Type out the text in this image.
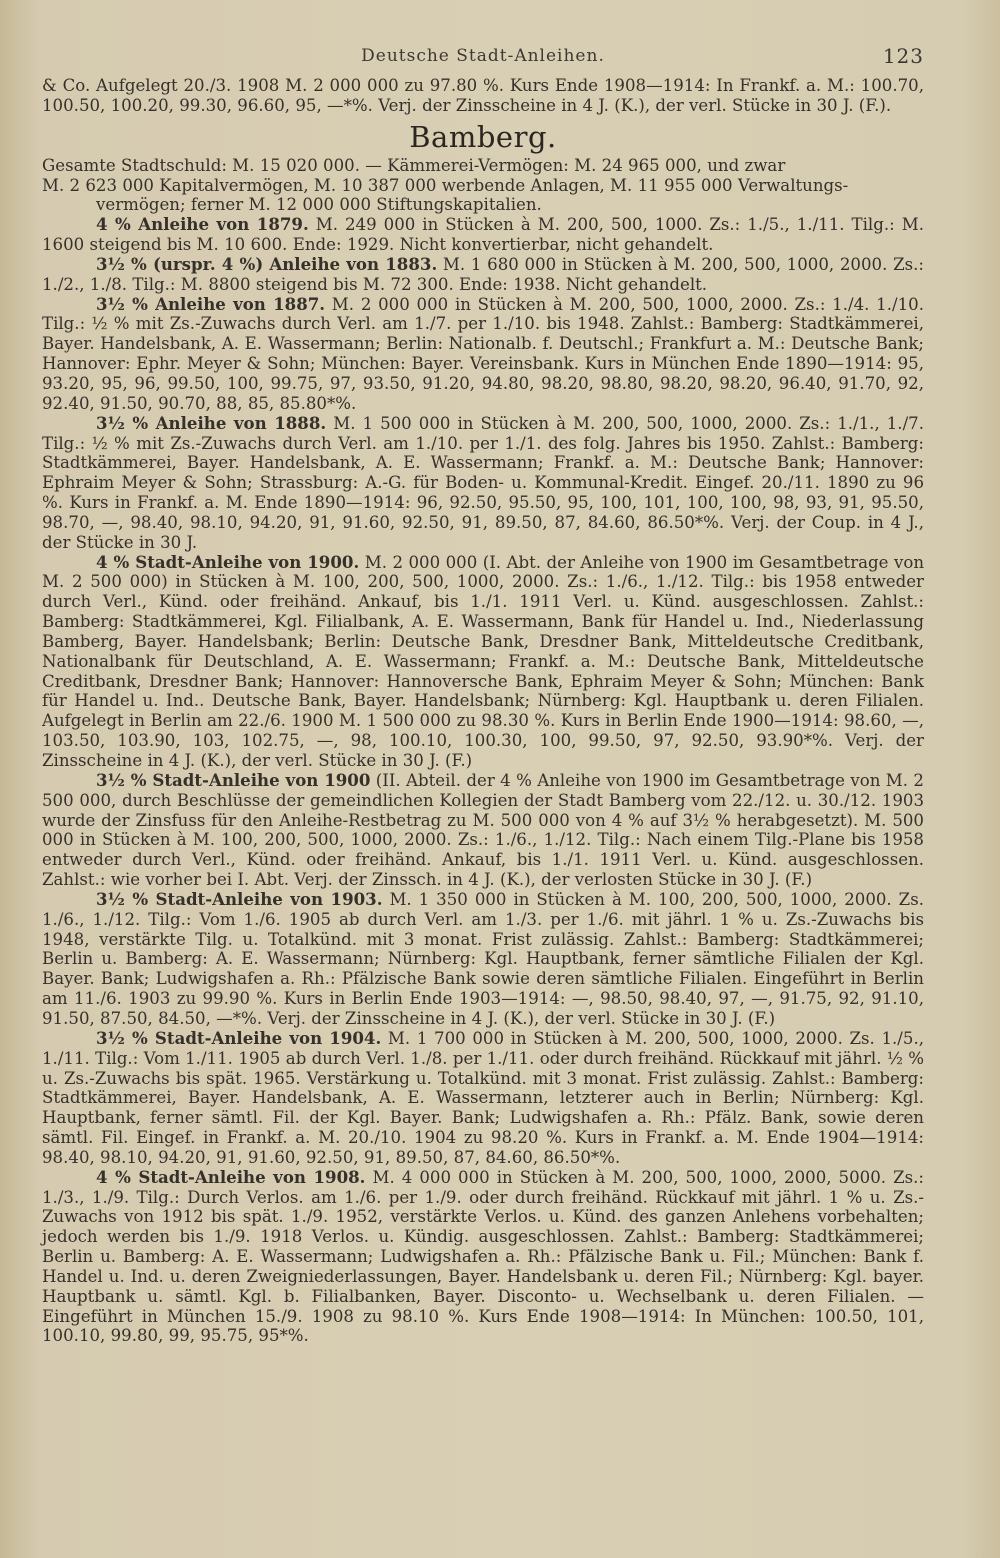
Deutsche Stadt-Anleihen.	123

& Co. Aufgelegt 20./3. 1908 M. 2 000 000 zu 97.80 %. Kurs Ende 1908—1914: In Frankf. a. M.: 100.70, 100.50, 100.20, 99.30, 96.60, 95, —*%. Verj. der Zinsscheine in 4 J. (K.), der verl. Stücke in 30 J. (F.).

Bamberg.

Gesamte Stadtschuld: M. 15 020 000. — Kämmerei-Vermögen: M. 24 965 000, und zwar

M. 2 623 000 Kapitalvermögen, M. 10 387 000 werbende Anlagen, M. 11 955 000 Verwaltungs-

vermögen; ferner M. 12 000 000 Stiftungskapitalien.

4 % Anleihe von 1879. M. 249 000 in Stücken à M. 200, 500, 1000. Zs.: 1./5., 1./11. Tilg.: M. 1600 steigend bis M. 10 600. Ende: 1929. Nicht konvertierbar, nicht gehandelt.

3½ % (urspr. 4 %) Anleihe von 1883. M. 1 680 000 in Stücken à M. 200, 500, 1000, 2000. Zs.: 1./2., 1./8. Tilg.: M. 8800 steigend bis M. 72 300. Ende: 1938. Nicht gehandelt.

3½ % Anleihe von 1887. M. 2 000 000 in Stücken à M. 200, 500, 1000, 2000. Zs.: 1./4. 1./10. Tilg.: ½ % mit Zs.-Zuwachs durch Verl. am 1./7. per 1./10. bis 1948. Zahlst.: Bamberg: Stadtkämmerei, Bayer. Handelsbank, A. E. Wassermann; Berlin: Nationalb. f. Deutschl.; Frankfurt a. M.: Deutsche Bank; Hannover: Ephr. Meyer & Sohn; München: Bayer. Vereinsbank. Kurs in München Ende 1890—1914: 95, 93.20, 95, 96, 99.50, 100, 99.75, 97, 93.50, 91.20, 94.80, 98.20, 98.80, 98.20, 98.20, 96.40, 91.70, 92, 92.40, 91.50, 90.70, 88, 85, 85.80*%.

3½ % Anleihe von 1888. M. 1 500 000 in Stücken à M. 200, 500, 1000, 2000. Zs.: 1./1., 1./7. Tilg.: ½ % mit Zs.-Zuwachs durch Verl. am 1./10. per 1./1. des folg. Jahres bis 1950. Zahlst.: Bamberg: Stadtkämmerei, Bayer. Handelsbank, A. E. Wassermann; Frankf. a. M.: Deutsche Bank; Hannover: Ephraim Meyer & Sohn; Strassburg: A.-G. für Boden- u. Kommunal-Kredit. Eingef. 20./11. 1890 zu 96 %. Kurs in Frankf. a. M. Ende 1890—1914: 96, 92.50, 95.50, 95, 100, 101, 100, 100, 98, 93, 91, 95.50, 98.70, —, 98.40, 98.10, 94.20, 91, 91.60, 92.50, 91, 89.50, 87, 84.60, 86.50*%. Verj. der Coup. in 4 J., der Stücke in 30 J.

4 % Stadt-Anleihe von 1900. M. 2 000 000 (I. Abt. der Anleihe von 1900 im Gesamtbetrage von M. 2 500 000) in Stücken à M. 100, 200, 500, 1000, 2000. Zs.: 1./6., 1./12. Tilg.: bis 1958 entweder durch Verl., Künd. oder freihänd. Ankauf, bis 1./1. 1911 Verl. u. Künd. ausgeschlossen. Zahlst.: Bamberg: Stadtkämmerei, Kgl. Filialbank, A. E. Wassermann, Bank für Handel u. Ind., Niederlassung Bamberg, Bayer. Handelsbank; Berlin: Deutsche Bank, Dresdner Bank, Mitteldeutsche Creditbank, Nationalbank für Deutschland, A. E. Wassermann; Frankf. a. M.: Deutsche Bank, Mitteldeutsche Creditbank, Dresdner Bank; Hannover: Hannoversche Bank, Ephraim Meyer & Sohn; München: Bank für Handel u. Ind.. Deutsche Bank, Bayer. Handelsbank; Nürnberg: Kgl. Hauptbank u. deren Filialen. Aufgelegt in Berlin am 22./6. 1900 M. 1 500 000 zu 98.30 %. Kurs in Berlin Ende 1900—1914: 98.60, —, 103.50, 103.90, 103, 102.75, —, 98, 100.10, 100.30, 100, 99.50, 97, 92.50, 93.90*%. Verj. der Zinsscheine in 4 J. (K.), der verl. Stücke in 30 J. (F.)

3½ % Stadt-Anleihe von 1900 (II. Abteil. der 4 % Anleihe von 1900 im Gesamtbetrage von M. 2 500 000, durch Beschlüsse der gemeindlichen Kollegien der Stadt Bamberg vom 22./12. u. 30./12. 1903 wurde der Zinsfuss für den Anleihe-Restbetrag zu M. 500 000 von 4 % auf 3½ % herabgesetzt). M. 500 000 in Stücken à M. 100, 200, 500, 1000, 2000. Zs.: 1./6., 1./12. Tilg.: Nach einem Tilg.-Plane bis 1958 entweder durch Verl., Künd. oder freihänd. Ankauf, bis 1./1. 1911 Verl. u. Künd. ausgeschlossen. Zahlst.: wie vorher bei I. Abt. Verj. der Zinssch. in 4 J. (K.), der verlosten Stücke in 30 J. (F.)

3½ % Stadt-Anleihe von 1903. M. 1 350 000 in Stücken à M. 100, 200, 500, 1000, 2000. Zs. 1./6., 1./12. Tilg.: Vom 1./6. 1905 ab durch Verl. am 1./3. per 1./6. mit jährl. 1 % u. Zs.-Zuwachs bis 1948, verstärkte Tilg. u. Totalkünd. mit 3 monat. Frist zulässig. Zahlst.: Bamberg: Stadtkämmerei; Berlin u. Bamberg: A. E. Wassermann; Nürnberg: Kgl. Hauptbank, ferner sämtliche Filialen der Kgl. Bayer. Bank; Ludwigshafen a. Rh.: Pfälzische Bank sowie deren sämtliche Filialen. Eingeführt in Berlin am 11./6. 1903 zu 99.90 %. Kurs in Berlin Ende 1903—1914: —, 98.50, 98.40, 97, —, 91.75, 92, 91.10, 91.50, 87.50, 84.50, —*%. Verj. der Zinsscheine in 4 J. (K.), der verl. Stücke in 30 J. (F.)

3½ % Stadt-Anleihe von 1904. M. 1 700 000 in Stücken à M. 200, 500, 1000, 2000. Zs. 1./5., 1./11. Tilg.: Vom 1./11. 1905 ab durch Verl. 1./8. per 1./11. oder durch freihänd. Rückkauf mit jährl. ½ % u. Zs.-Zuwachs bis spät. 1965. Verstärkung u. Totalkünd. mit 3 monat. Frist zulässig. Zahlst.: Bamberg: Stadtkämmerei, Bayer. Handelsbank, A. E. Wassermann, letzterer auch in Berlin; Nürnberg: Kgl. Hauptbank, ferner sämtl. Fil. der Kgl. Bayer. Bank; Ludwigshafen a. Rh.: Pfälz. Bank, sowie deren sämtl. Fil. Eingef. in Frankf. a. M. 20./10. 1904 zu 98.20 %. Kurs in Frankf. a. M. Ende 1904—1914: 98.40, 98.10, 94.20, 91, 91.60, 92.50, 91, 89.50, 87, 84.60, 86.50*%.

4 % Stadt-Anleihe von 1908. M. 4 000 000 in Stücken à M. 200, 500, 1000, 2000, 5000. Zs.: 1./3., 1./9. Tilg.: Durch Verlos. am 1./6. per 1./9. oder durch freihänd. Rückkauf mit jährl. 1 % u. Zs.-Zuwachs von 1912 bis spät. 1./9. 1952, verstärkte Verlos. u. Künd. des ganzen Anlehens vorbehalten; jedoch werden bis 1./9. 1918 Verlos. u. Kündig. ausgeschlossen. Zahlst.: Bamberg: Stadtkämmerei; Berlin u. Bamberg: A. E. Wassermann; Ludwigshafen a. Rh.: Pfälzische Bank u. Fil.; München: Bank f. Handel u. Ind. u. deren Zweigniederlassungen, Bayer. Handelsbank u. deren Fil.; Nürnberg: Kgl. bayer. Hauptbank u. sämtl. Kgl. b. Filialbanken, Bayer. Disconto- u. Wechselbank u. deren Filialen. — Eingeführt in München 15./9. 1908 zu 98.10 %. Kurs Ende 1908—1914: In München: 100.50, 101, 100.10, 99.80, 99, 95.75, 95*%.
